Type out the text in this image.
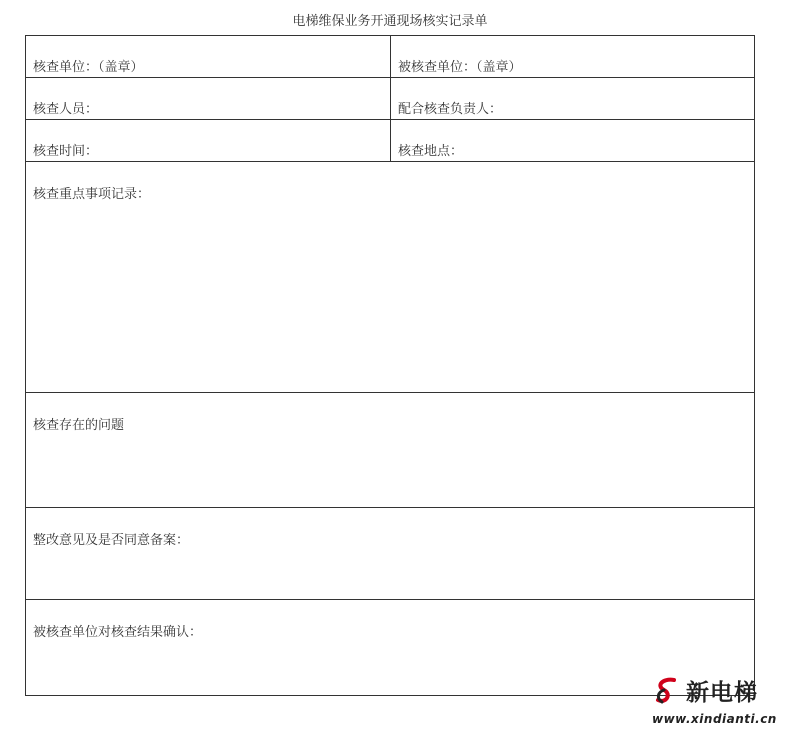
电梯维保业务开通现场核实记录单
核查单位：（盖章）	被核查单位：（盖章）

核查人员：	配合核查负责人：

核查时间：	核查地点：

核查重点事项记录：	

核查存在的问题	

整改意见及是否同意备案：	

被核查单位对核查结果确认：	
新电梯
www.xindianti.cn
